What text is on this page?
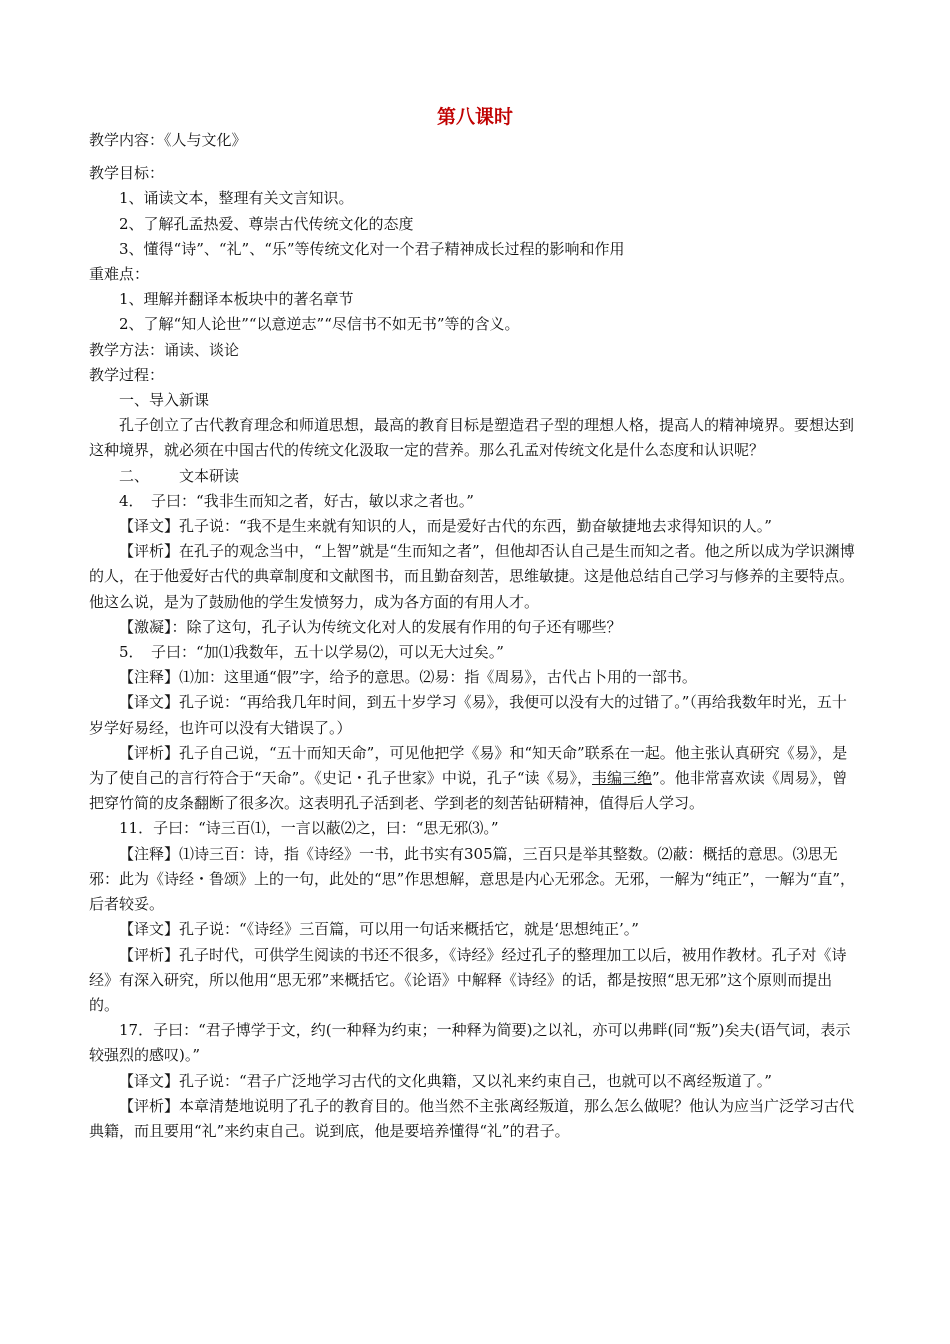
第八课时

教学内容：《人与文化》

教学目标：

1、诵读文本，整理有关文言知识。

2、了解孔孟热爱、尊崇古代传统文化的态度

3、懂得“诗”、“礼”、“乐”等传统文化对一个君子精神成长过程的影响和作用

重难点：

1、理解并翻译本板块中的著名章节

2、了解“知人论世”“以意逆志”“尽信书不如无书”等的含义。

教学方法：诵读、谈论

教学过程：

一、导入新课

孔子创立了古代教育理念和师道思想，最高的教育目标是塑造君子型的理想人格，提高人的精神境界。要想达到这种境界，就必须在中国古代的传统文化汲取一定的营养。那么孔孟对传统文化是什么态度和认识呢？

二、 文本研读

4．　子曰：“我非生而知之者，好古，敏以求之者也。”

【译文】孔子说：“我不是生来就有知识的人，而是爱好古代的东西，勤奋敏捷地去求得知识的人。”

【评析】在孔子的观念当中，“上智”就是“生而知之者”，但他却否认自己是生而知之者。他之所以成为学识渊博的人，在于他爱好古代的典章制度和文献图书，而且勤奋刻苦，思维敏捷。这是他总结自己学习与修养的主要特点。他这么说，是为了鼓励他的学生发愤努力，成为各方面的有用人才。

【激凝】：除了这句，孔子认为传统文化对人的发展有作用的句子还有哪些？

5．　子曰：“加⑴我数年，五十以学易⑵，可以无大过矣。”

【注释】⑴加：这里通“假”字，给予的意思。⑵易：指《周易》，古代占卜用的一部书。

【译文】孔子说：“再给我几年时间，到五十岁学习《易》，我便可以没有大的过错了。”（再给我数年时光，五十岁学好易经，也许可以没有大错误了。）

【评析】孔子自己说，“五十而知天命”，可见他把学《易》和“知天命”联系在一起。他主张认真研究《易》，是为了使自己的言行符合于“天命”。《史记・孔子世家》中说，孔子“读《易》，韦编三绝”。他非常喜欢读《周易》，曾把穿竹简的皮条翻断了很多次。这表明孔子活到老、学到老的刻苦钻研精神，值得后人学习。

11．子曰：“诗三百⑴，一言以蔽⑵之，曰：“思无邪⑶。”

【注释】⑴诗三百：诗，指《诗经》一书，此书实有305篇，三百只是举其整数。⑵蔽：概括的意思。⑶思无邪：此为《诗经・鲁颂》上的一句，此处的“思”作思想解，意思是内心无邪念。无邪，一解为“纯正”，一解为“直”，后者较妥。

【译文】孔子说：“《诗经》三百篇，可以用一句话来概括它，就是‘思想纯正’。”

【评析】孔子时代，可供学生阅读的书还不很多，《诗经》经过孔子的整理加工以后，被用作教材。孔子对《诗经》有深入研究，所以他用“思无邪”来概括它。《论语》中解释《诗经》的话，都是按照“思无邪”这个原则而提出的。

17．子曰：“君子博学于文，约(一种释为约束；一种释为简要)之以礼，亦可以弗畔(同“叛”)矣夫(语气词，表示较强烈的感叹)。”

【译文】孔子说：“君子广泛地学习古代的文化典籍，又以礼来约束自己，也就可以不离经叛道了。”

【评析】本章清楚地说明了孔子的教育目的。他当然不主张离经叛道，那么怎么做呢？他认为应当广泛学习古代典籍，而且要用“礼”来约束自己。说到底，他是要培养懂得“礼”的君子。
